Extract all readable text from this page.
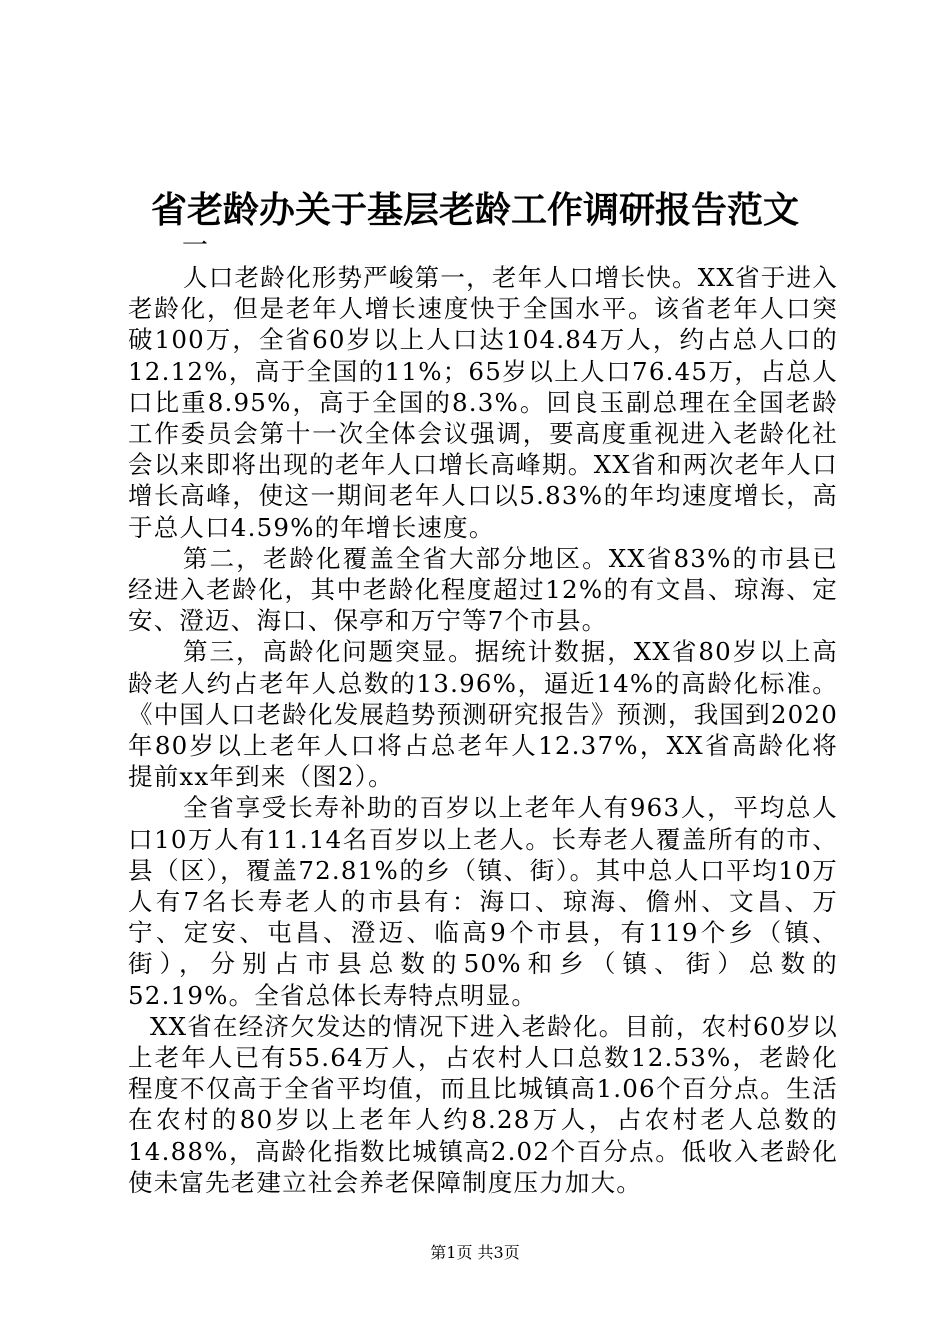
省老龄办关于基层老龄工作调研报告范文
一

人口老龄化形势严峻第一，老年人口增长快。XX省于进入老龄化，但是老年人增长速度快于全国水平。该省老年人口突破100万，全省60岁以上人口达104.84万人，约占总人口的12.12%，高于全国的11%；65岁以上人口76.45万，占总人口比重8.95%，高于全国的8.3%。回良玉副总理在全国老龄工作委员会第十一次全体会议强调，要高度重视进入老龄化社会以来即将出现的老年人口增长高峰期。XX省和两次老年人口增长高峰，使这一期间老年人口以5.83%的年均速度增长，高于总人口4.59%的年增长速度。

第二，老龄化覆盖全省大部分地区。XX省83%的市县已经进入老龄化，其中老龄化程度超过12%的有文昌、琼海、定安、澄迈、海口、保亭和万宁等7个市县。

第三，高龄化问题突显。据统计数据，XX省80岁以上高龄老人约占老年人总数的13.96%，逼近14%的高龄化标准。《中国人口老龄化发展趋势预测研究报告》预测，我国到2020年80岁以上老年人口将占总老年人12.37%，XX省高龄化将提前xx年到来（图2）。

全省享受长寿补助的百岁以上老年人有963人，平均总人口10万人有11.14名百岁以上老人。长寿老人覆盖所有的市、县（区），覆盖72.81%的乡（镇、街）。其中总人口平均10万人有7名长寿老人的市县有：海口、琼海、儋州、文昌、万宁、定安、屯昌、澄迈、临高9个市县，有119个乡（镇、街），分别占市县总数的50%和乡（镇、街）总数的52.19%。全省总体长寿特点明显。

XX省在经济欠发达的情况下进入老龄化。目前，农村60岁以上老年人已有55.64万人，占农村人口总数12.53%，老龄化程度不仅高于全省平均值，而且比城镇高1.06个百分点。生活在农村的80岁以上老年人约8.28万人，占农村老人总数的14.88%，高龄化指数比城镇高2.02个百分点。低收入老龄化使未富先老建立社会养老保障制度压力加大。

第1页 共3页
